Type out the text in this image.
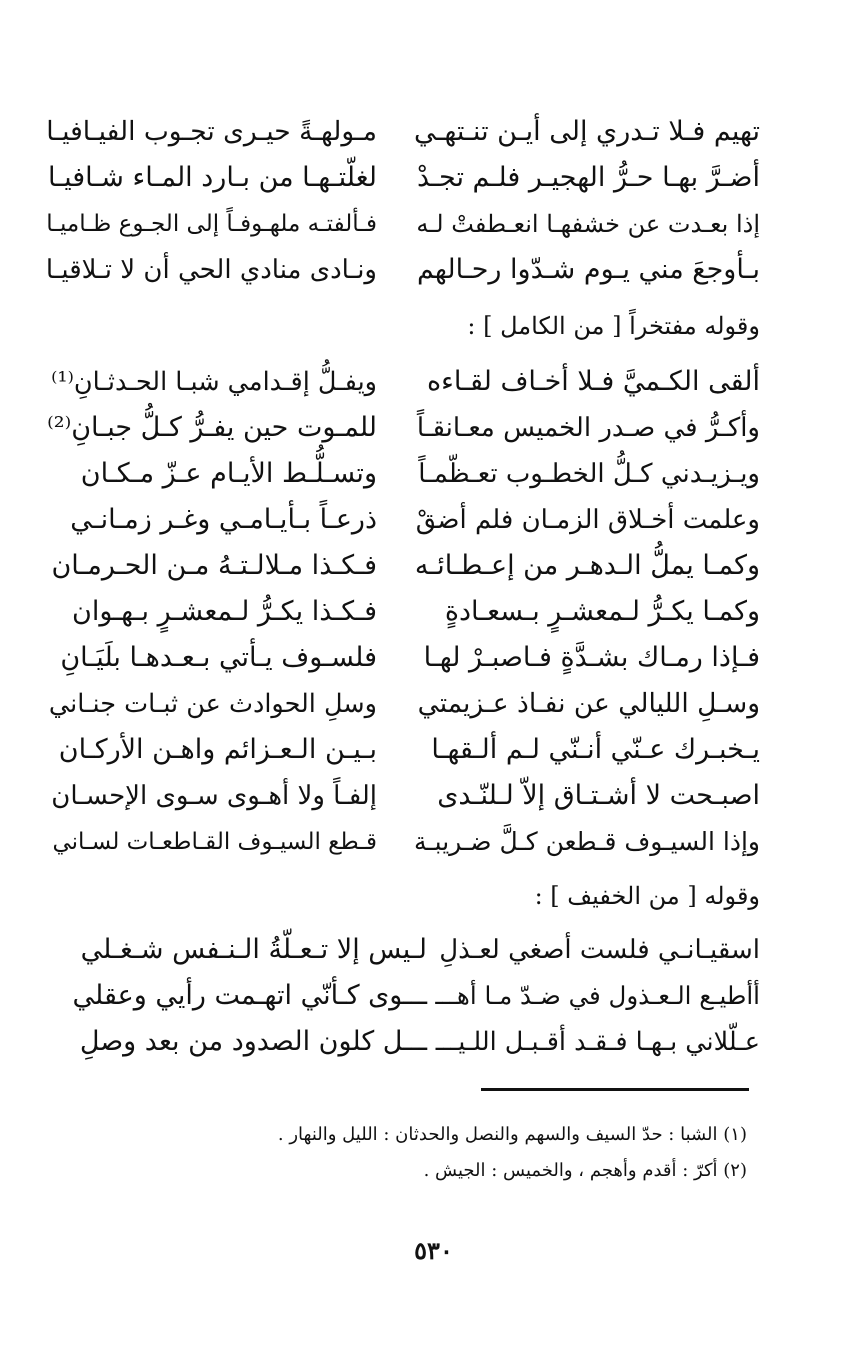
تهيم فـلا تـدري إلى أيـن تنـتهـي
مـولهـةً حيـرى تجـوب الفيـافيـا
أضـرَّ بهـا حـرُّ الهجيـر فلـم تجـدْ
لغلّتـهـا من بـارد المـاء شـافيـا
إذا بعـدت عن خشفهـا انعـطفتْ لـه
فـألفتـه ملهـوفـاً إلى الجـوع ظـاميـا
بـأوجعَ مني يـوم شـدّوا رحـالهم
ونـادى منادي الحي أن لا تـلاقيـا
وقوله مفتخراً [ من الكامل ] :
ألقى الكـميَّ فـلا أخـاف لقـاءه
ويفـلُّ إقـدامي شبـا الحـدثـانِ⁽¹⁾
وأكـرُّ في صـدر الخميس معـانقـاً
للمـوت حين يفـرُّ كـلُّ جبـانِ⁽²⁾
ويـزيـدني كـلُّ الخطـوب تعـظّمـاً
وتسـلُّـط الأيـام عـزّ مـكـان
وعلمت أخـلاق الزمـان فلم أضقْ
ذرعـاً بـأيـامـي وغـر زمـانـي
وكمـا يملُّ الـدهـر من إعـطـائـه
فـكـذا مـلالـتـهُ مـن الحـرمـان
وكمـا يكـرُّ لـمعشـرٍ بـسعـادةٍ
فـكـذا يكـرُّ لـمعشـرٍ بـهـوان
فـإذا رمـاك بشـدَّةٍ فـاصبـرْ لهـا
فلسـوف يـأتي بـعـدهـا بلَيَـانِ
وسـلِ الليالي عن نفـاذ عـزيمتي
وسلِ الحوادث عن ثبـات جنـاني
يـخبـرك عـنّي أنـنّي لـم ألـقهـا
بـيـن الـعـزائم واهـن الأركـان
اصبـحت لا أشـتـاق إلاّ لـلنّـدى
إلفـاً ولا أهـوى سـوى الإحسـان
وإذا السيـوف قـطعن كـلَّ ضـريبـة
قـطع السيـوف القـاطعـات لسـاني
وقوله [ من الخفيف ] :
اسقيـانـي فلست أصغي لعـذلِ
لـيس إلا تـعـلّةُ الـنـفس شـغـلي
أأطيـع الـعـذول في ضـدّ مـا أهـــ
ـــوى كـأنّي اتهـمت رأيي وعقلي
عـلّلاني بـهـا فـقـد أقـبـل اللـيـــ
ـــل كلون الصدود من بعد وصلِ
(١) الشبا : حدّ السيف والسهم والنصل والحدثان : الليل والنهار .
(٢) أكرّ : أقدم وأهجم ، والخميس : الجيش .
٥٣٠
